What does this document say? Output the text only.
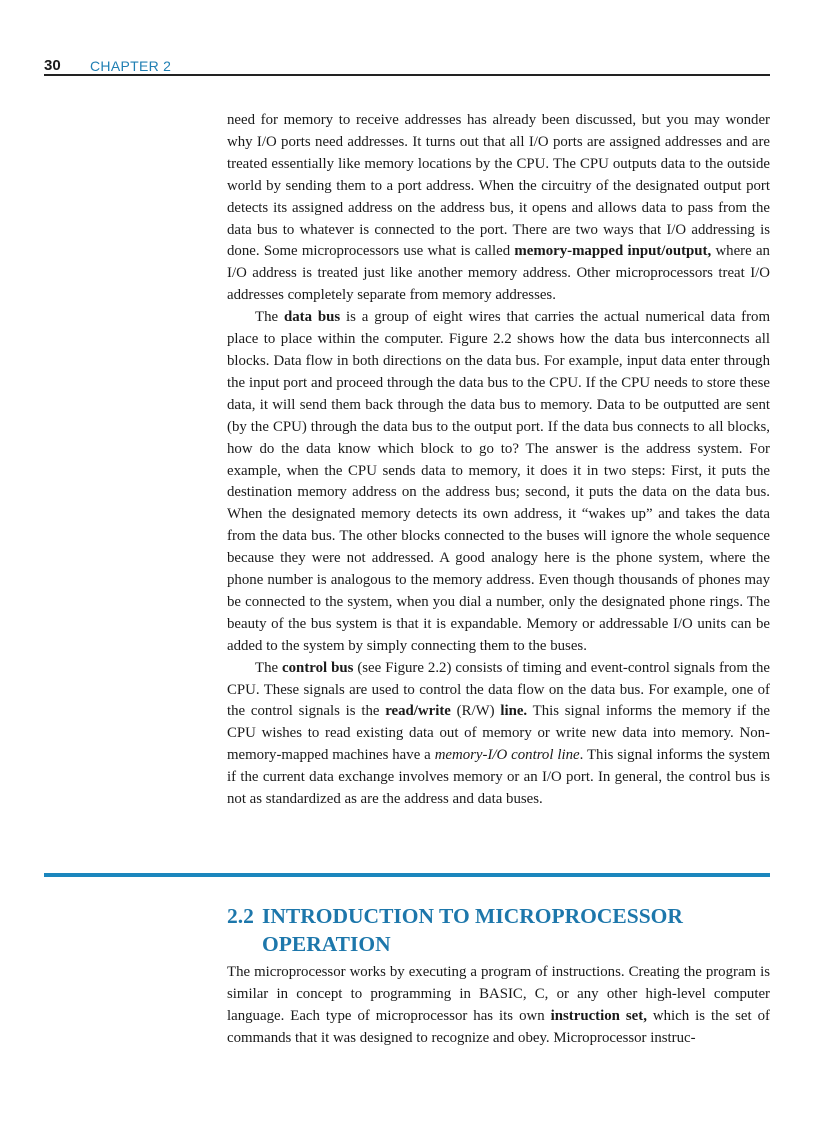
30 CHAPTER 2

need for memory to receive addresses has already been discussed, but you may wonder why I/O ports need addresses. It turns out that all I/O ports are assigned addresses and are treated essentially like memory locations by the CPU. The CPU outputs data to the outside world by sending them to a port address. When the circuitry of the designated output port detects its assigned address on the address bus, it opens and allows data to pass from the data bus to whatever is connected to the port. There are two ways that I/O addressing is done. Some microprocessors use what is called memory-mapped input/output, where an I/O address is treated just like another memory address. Other microprocessors treat I/O addresses completely separate from memory addresses.

The data bus is a group of eight wires that carries the actual numerical data from place to place within the computer. Figure 2.2 shows how the data bus interconnects all blocks. Data flow in both directions on the data bus. For example, input data enter through the input port and proceed through the data bus to the CPU. If the CPU needs to store these data, it will send them back through the data bus to memory. Data to be outputted are sent (by the CPU) through the data bus to the output port. If the data bus connects to all blocks, how do the data know which block to go to? The answer is the address system. For example, when the CPU sends data to memory, it does it in two steps: First, it puts the destination memory address on the address bus; second, it puts the data on the data bus. When the designated memory detects its own address, it “wakes up” and takes the data from the data bus. The other blocks connected to the buses will ignore the whole sequence because they were not addressed. A good analogy here is the phone system, where the phone number is analogous to the memory address. Even though thousands of phones may be connected to the system, when you dial a number, only the designated phone rings. The beauty of the bus system is that it is expandable. Memory or addressable I/O units can be added to the system by simply connecting them to the buses.

The control bus (see Figure 2.2) consists of timing and event-control signals from the CPU. These signals are used to control the data flow on the data bus. For example, one of the control signals is the read/write (R/W) line. This signal informs the memory if the CPU wishes to read existing data out of memory or write new data into memory. Non-memory-mapped machines have a memory-I/O control line. This signal informs the system if the current data exchange involves memory or an I/O port. In general, the control bus is not as standardized as are the address and data buses.

2.2 INTRODUCTION TO MICROPROCESSOR OPERATION

The microprocessor works by executing a program of instructions. Creating the program is similar in concept to programming in BASIC, C, or any other high-level computer language. Each type of microprocessor has its own instruction set, which is the set of commands that it was designed to recognize and obey. Microprocessor instruc-
